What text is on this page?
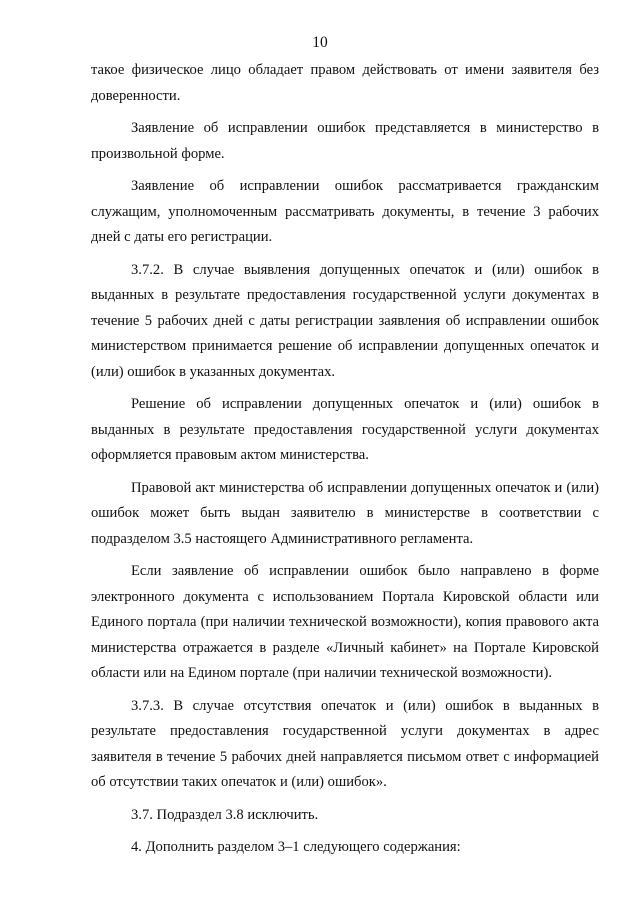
10

такое физическое лицо обладает правом действовать от имени заявителя без доверенности.

Заявление об исправлении ошибок представляется в министерство в произвольной форме.

Заявление об исправлении ошибок рассматривается гражданским служащим, уполномоченным рассматривать документы, в течение 3 рабочих дней с даты его регистрации.

3.7.2. В случае выявления допущенных опечаток и (или) ошибок в выданных в результате предоставления государственной услуги документах в течение 5 рабочих дней с даты регистрации заявления об исправлении ошибок министерством принимается решение об исправлении допущенных опечаток и (или) ошибок в указанных документах.

Решение об исправлении допущенных опечаток и (или) ошибок в выданных в результате предоставления государственной услуги документах оформляется правовым актом министерства.

Правовой акт министерства об исправлении допущенных опечаток и (или) ошибок может быть выдан заявителю в министерстве в соответствии с подразделом 3.5 настоящего Административного регламента.

Если заявление об исправлении ошибок было направлено в форме электронного документа с использованием Портала Кировской области или Единого портала (при наличии технической возможности), копия правового акта министерства отражается в разделе «Личный кабинет» на Портале Кировской области или на Едином портале (при наличии технической возможности).

3.7.3. В случае отсутствия опечаток и (или) ошибок в выданных в результате предоставления государственной услуги документах в адрес заявителя в течение 5 рабочих дней направляется письмом ответ с информацией об отсутствии таких опечаток и (или) ошибок».

3.7. Подраздел 3.8 исключить.

4. Дополнить разделом 3–1 следующего содержания:
